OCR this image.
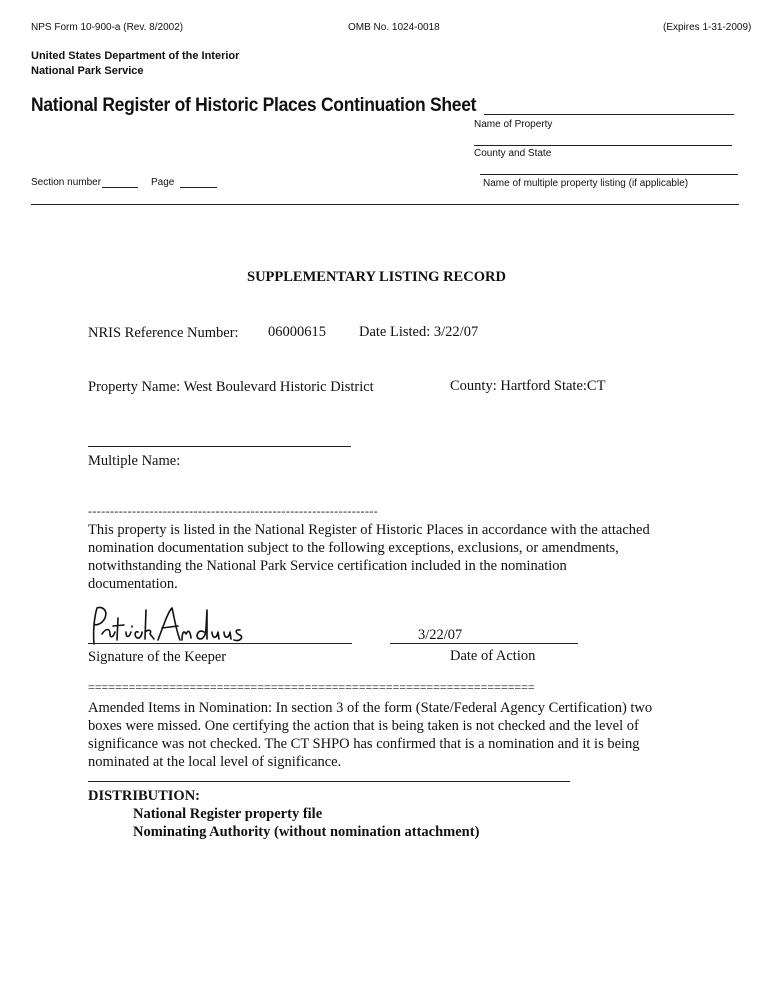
NPS Form 10-900-a (Rev. 8/2002)	OMB No. 1024-0018	(Expires 1-31-2009)
United States Department of the Interior
National Park Service
National Register of Historic Places Continuation Sheet
Name of Property
County and State
Name of multiple property listing (if applicable)
Section number	Page
SUPPLEMENTARY LISTING RECORD
NRIS Reference Number: 06000615 Date Listed: 3/22/07
Property Name: West Boulevard Historic District	County: Hartford State:CT
Multiple Name:
------------------------------------------------------------------
This property is listed in the National Register of Historic Places in accordance with the attached
nomination documentation subject to the following exceptions, exclusions, or amendments,
notwithstanding the National Park Service certification included in the nomination
documentation.
Signature of the Keeper
3/22/07
Date of Action
==================================================================
Amended Items in Nomination: In section 3 of the form (State/Federal Agency Certification) two
boxes were missed. One certifying the action that is being taken is not checked and the level of
significance was not checked. The CT SHPO has confirmed that is a nomination and it is being
nominated at the local level of significance.
DISTRIBUTION:
National Register property file
Nominating Authority (without nomination attachment)
